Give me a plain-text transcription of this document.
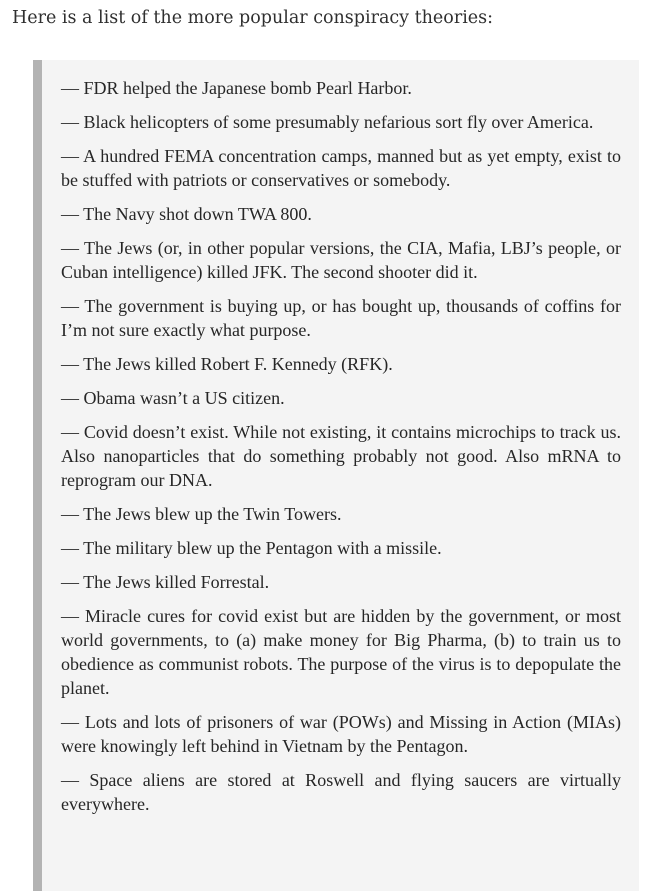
Here is a list of the more popular conspiracy theories:

— FDR helped the Japanese bomb Pearl Harbor.
— Black helicopters of some presumably nefarious sort fly over America.
— A hundred FEMA concentration camps, manned but as yet empty, exist to be stuffed with patriots or conservatives or somebody.
— The Navy shot down TWA 800.
— The Jews (or, in other popular versions, the CIA, Mafia, LBJ’s people, or Cuban intelligence) killed JFK. The second shooter did it.
— The government is buying up, or has bought up, thousands of coffins for I’m not sure exactly what purpose.
— The Jews killed Robert F. Kennedy (RFK).
— Obama wasn’t a US citizen.
— Covid doesn’t exist. While not existing, it contains microchips to track us. Also nanoparticles that do something probably not good. Also mRNA to reprogram our DNA.
— The Jews blew up the Twin Towers.
— The military blew up the Pentagon with a missile.
— The Jews killed Forrestal.
— Miracle cures for covid exist but are hidden by the government, or most world governments, to (a) make money for Big Pharma, (b) to train us to obedience as communist robots. The purpose of the virus is to depopulate the planet.
— Lots and lots of prisoners of war (POWs) and Missing in Action (MIAs) were knowingly left behind in Vietnam by the Pentagon.
— Space aliens are stored at Roswell and flying saucers are virtually everywhere.
